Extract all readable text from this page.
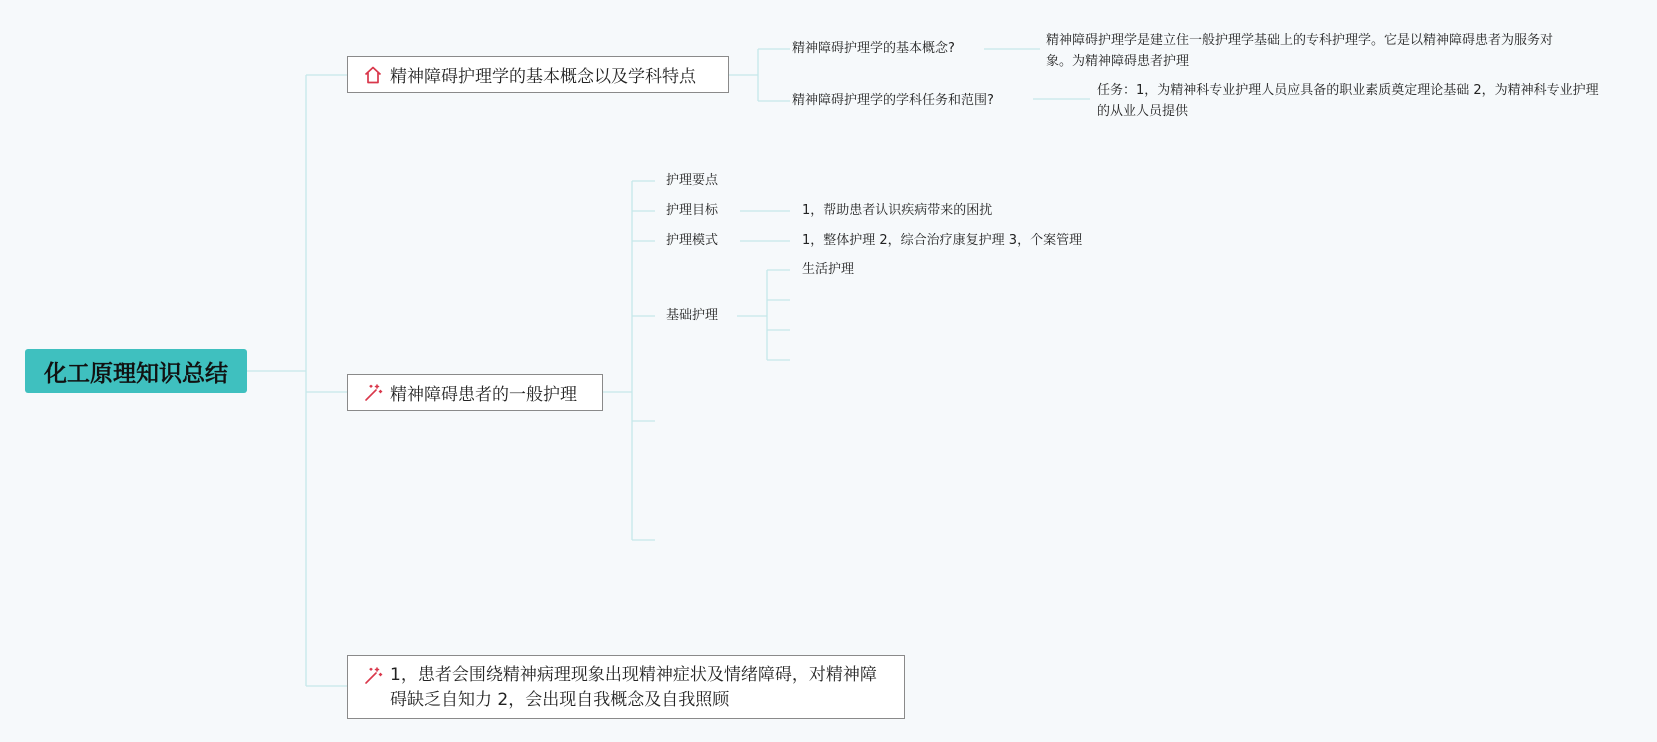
化工原理知识总结
精神障碍护理学的基本概念以及学科特点
精神障碍护理学的基本概念?
精神障碍护理学是建立住一般护理学基础上的专科护理学。它是以精神障碍患者为服务对象。为精神障碍患者护理
精神障碍护理学的学科任务和范围?
任务：1，为精神科专业护理人员应具备的职业素质奠定理论基础 2，为精神科专业护理的从业人员提供
精神障碍患者的一般护理
护理要点
护理目标	1，帮助患者认识疾病带来的困扰
护理模式	1，整体护理 2，综合治疗康复护理 3，个案管理
基础护理
生活护理
1，患者会围绕精神病理现象出现精神症状及情绪障碍，对精神障碍缺乏自知力 2，会出现自我概念及自我照顾
